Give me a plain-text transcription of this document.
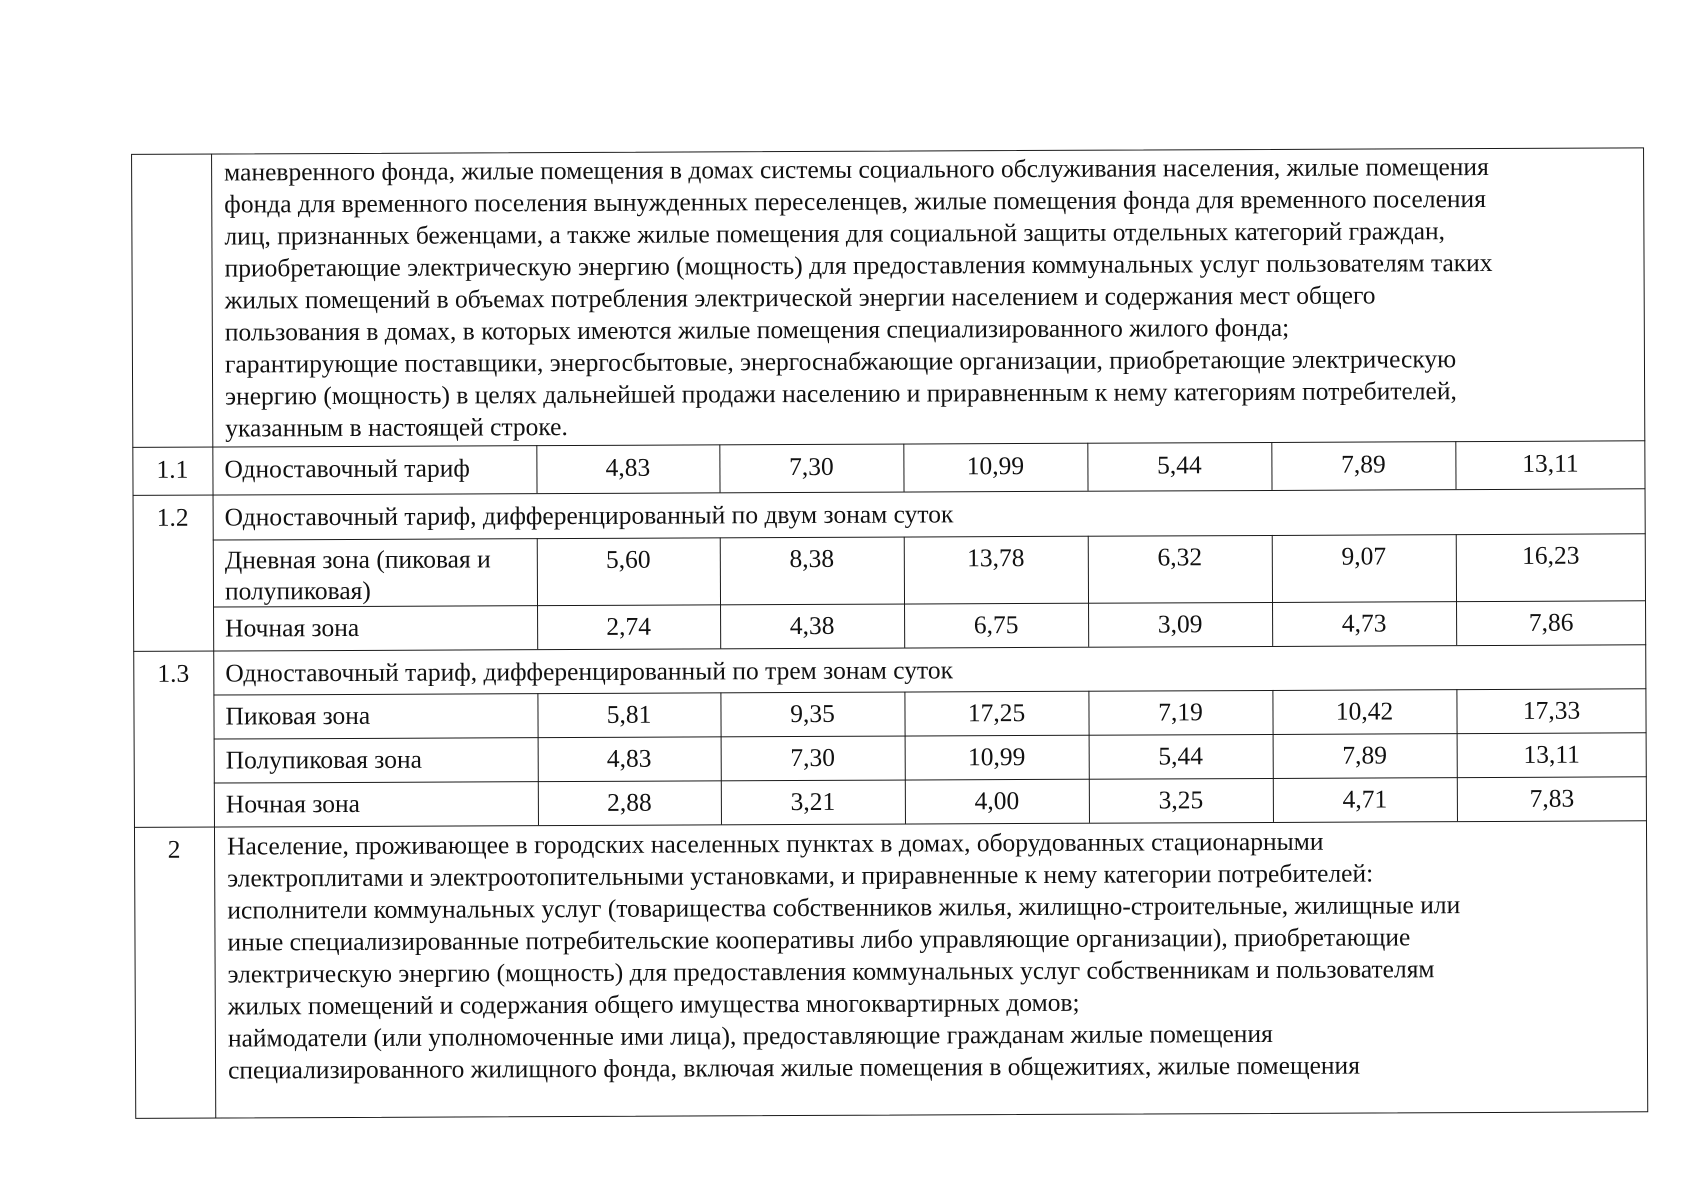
маневренного фонда, жилые помещения в домах системы социального обслуживания населения, жилые помещения
фонда для временного поселения вынужденных переселенцев, жилые помещения фонда для временного поселения
лиц, признанных беженцами, а также жилые помещения для социальной защиты отдельных категорий граждан,
приобретающие электрическую энергию (мощность) для предоставления коммунальных услуг пользователям таких
жилых помещений в объемах потребления электрической энергии населением и содержания мест общего
пользования в домах, в которых имеются жилые помещения специализированного жилого фонда;
гарантирующие поставщики, энергосбытовые, энергоснабжающие организации, приобретающие электрическую
энергию (мощность) в целях дальнейшей продажи населению и приравненным к нему категориям потребителей,
указанным в настоящей строке.

1.1	Одноставочный тариф	4,83	7,30	10,99	5,44	7,89	13,11
1.2	Одноставочный тариф, дифференцированный по двум зонам суток
Дневная зона (пиковая и
полупиковая)
5,60	8,38	13,78	6,32	9,07	16,23
Ночная зона	2,74	4,38	6,75	3,09	4,73	7,86
1.3	Одноставочный тариф, дифференцированный по трем зонам суток
Пиковая зона	5,81	9,35	17,25	7,19	10,42	17,33
Полупиковая зона	4,83	7,30	10,99	5,44	7,89	13,11
Ночная зона	2,88	3,21	4,00	3,25	4,71	7,83
2	Население, проживающее в городских населенных пунктах в домах, оборудованных стационарными
электроплитами и электроотопительными установками, и приравненные к нему категории потребителей:
исполнители коммунальных услуг (товарищества собственников жилья, жилищно-строительные, жилищные или
иные специализированные потребительские кооперативы либо управляющие организации), приобретающие
электрическую энергию (мощность) для предоставления коммунальных услуг собственникам и пользователям
жилых помещений и содержания общего имущества многоквартирных домов;
наймодатели (или уполномоченные ими лица), предоставляющие гражданам жилые помещения
специализированного жилищного фонда, включая жилые помещения в общежитиях, жилые помещения
